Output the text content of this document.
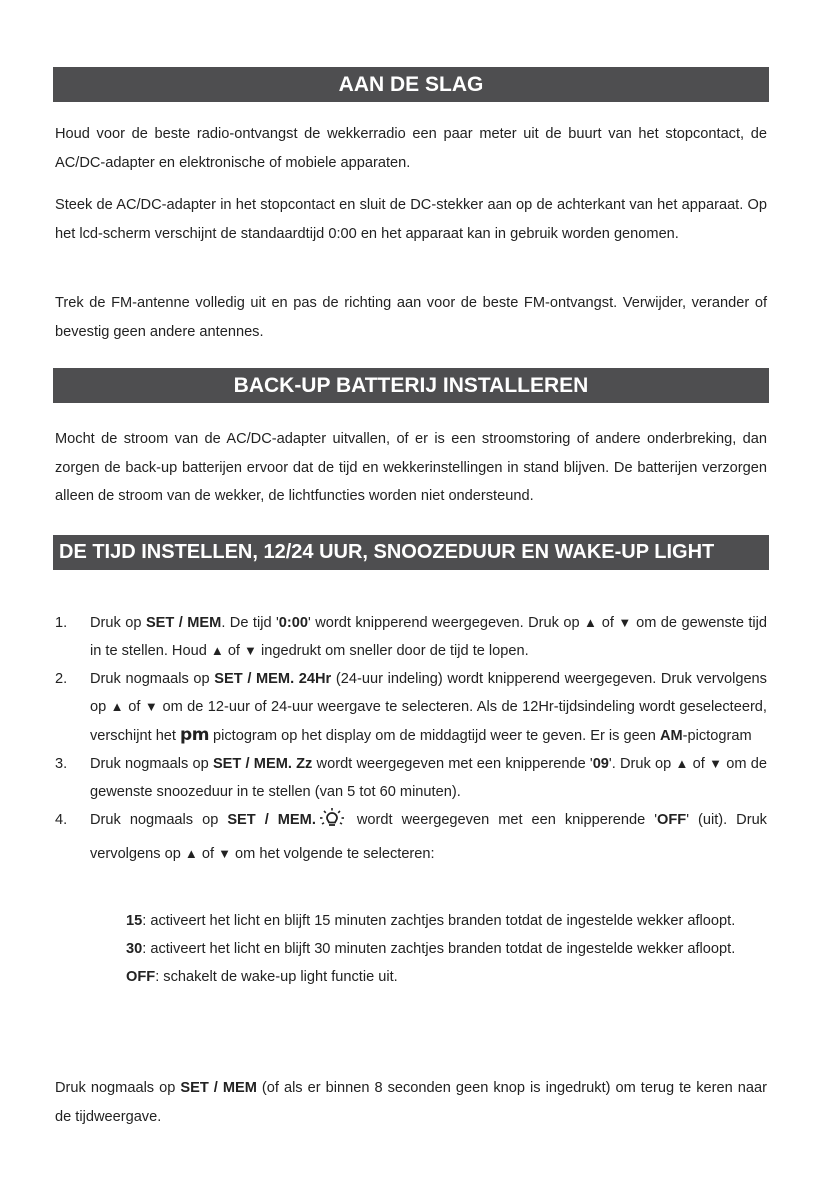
AAN DE SLAG

Houd voor de beste radio-ontvangst de wekkerradio een paar meter uit de buurt van het stopcontact, de AC/DC-adapter en elektronische of mobiele apparaten.

Steek de AC/DC-adapter in het stopcontact en sluit de DC-stekker aan op de achterkant van het apparaat. Op het lcd-scherm verschijnt de standaardtijd 0:00 en het apparaat kan in gebruik worden genomen.

Trek de FM-antenne volledig uit en pas de richting aan voor de beste FM-ontvangst. Verwijder, verander of bevestig geen andere antennes.

BACK-UP BATTERIJ INSTALLEREN

Mocht de stroom van de AC/DC-adapter uitvallen, of er is een stroomstoring of andere onderbreking, dan zorgen de back-up batterijen ervoor dat de tijd en wekkerinstellingen in stand blijven. De batterijen verzorgen alleen de stroom van de wekker, de lichtfuncties worden niet ondersteund.

DE TIJD INSTELLEN, 12/24 UUR, SNOOZEDUUR EN WAKE-UP LIGHT
1. Druk op SET / MEM. De tijd '0:00' wordt knipperend weergegeven. Druk op ▲ of ▼ om de gewenste tijd in te stellen. Houd ▲ of ▼ ingedrukt om sneller door de tijd te lopen.
2. Druk nogmaals op SET / MEM. 24Hr (24-uur indeling) wordt knipperend weergegeven. Druk vervolgens op ▲ of ▼ om de 12-uur of 24-uur weergave te selecteren. Als de 12Hr-tijdsindeling wordt geselecteerd, verschijnt het pm pictogram op het display om de middagtijd weer te geven. Er is geen AM-pictogram
3. Druk nogmaals op SET / MEM. Zz wordt weergegeven met een knipperende '09'. Druk op ▲ of ▼ om de gewenste snoozeduur in te stellen (van 5 tot 60 minuten).
4. Druk nogmaals op SET / MEM. wordt weergegeven met een knipperende 'OFF' (uit). Druk vervolgens op ▲ of ▼ om het volgende te selecteren:
15: activeert het licht en blijft 15 minuten zachtjes branden totdat de ingestelde wekker afloopt.
30: activeert het licht en blijft 30 minuten zachtjes branden totdat de ingestelde wekker afloopt.
OFF: schakelt de wake-up light functie uit.

Druk nogmaals op SET / MEM (of als er binnen 8 seconden geen knop is ingedrukt) om terug te keren naar de tijdweergave.
